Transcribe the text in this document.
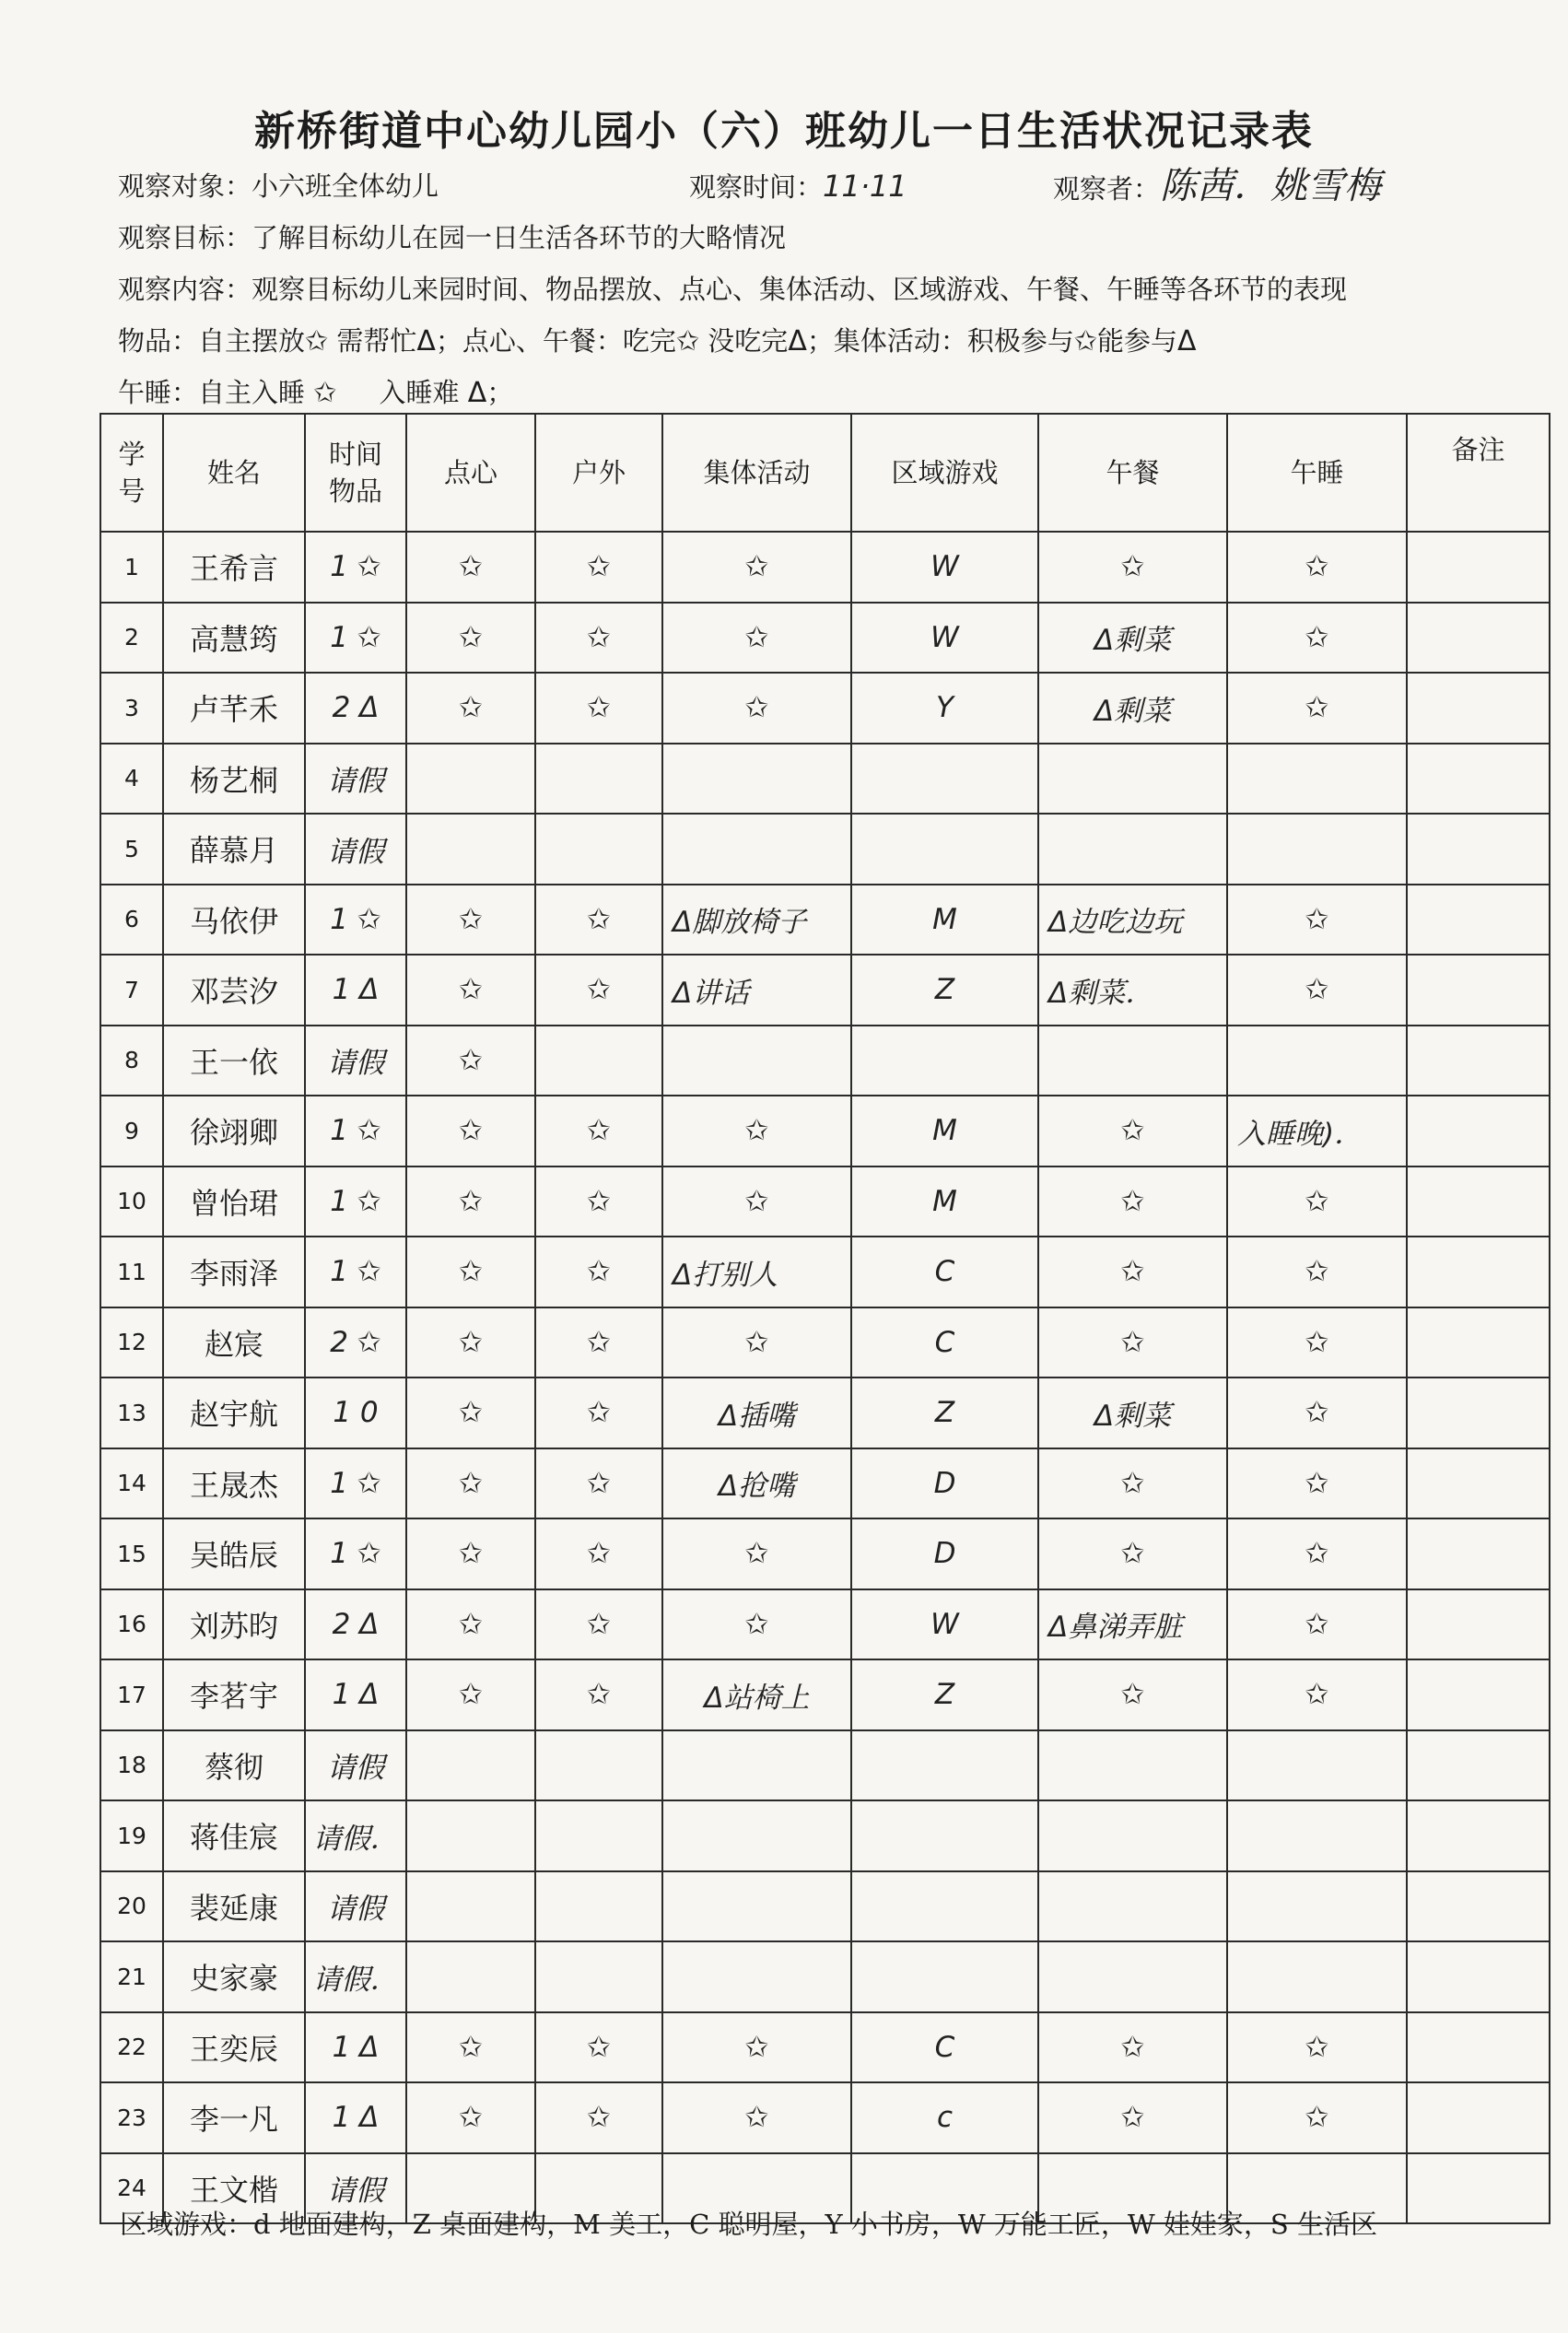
新桥街道中心幼儿园小（六）班幼儿一日生活状况记录表
观察对象：小六班全体幼儿	观察时间：11·11	观察者：陈茜．姚雪梅
观察目标：了解目标幼儿在园一日生活各环节的大略情况
观察内容：观察目标幼儿来园时间、物品摆放、点心、集体活动、区域游戏、午餐、午睡等各环节的表现
物品：自主摆放✩ 需帮忙Δ；点心、午餐：吃完✩ 没吃完Δ；集体活动：积极参与✩能参与Δ
午睡：自主入睡 ✩ 入睡难 Δ；
学号	姓名	时间物品	点心	户外	集体活动	区域游戏	午餐	午睡	备注
1	王希言	1 ✩	✩	✩	✩	W	✩	✩	
2	高慧筠	1 ✩	✩	✩	✩	W	Δ剩菜	✩	
3	卢芊禾	2 Δ	✩	✩	✩	Y	Δ剩菜	✩	
4	杨艺桐	请假							
5	薛慕月	请假							
6	马依伊	1 ✩	✩	✩	Δ脚放椅子	M	Δ边吃边玩	✩	
7	邓芸汐	1 Δ	✩	✩	Δ讲话	Z	Δ剩菜．	✩	
8	王一依	请假	✩						
9	徐翊卿	1 ✩	✩	✩	✩	M	✩	入睡晚)．	
10	曾怡珺	1 ✩	✩	✩	✩	M	✩	✩	
11	李雨泽	1 ✩	✩	✩	Δ打别人	C	✩	✩	
12	赵宸	2 ✩	✩	✩	✩	C	✩	✩	
13	赵宇航	1 0	✩	✩	Δ插嘴	Z	Δ剩菜	✩	
14	王晟杰	1 ✩	✩	✩	Δ抢嘴	D	✩	✩	
15	吴皓辰	1 ✩	✩	✩	✩	D	✩	✩	
16	刘苏昀	2 Δ	✩	✩	✩	W	Δ鼻涕弄脏	✩	
17	李茗宇	1 Δ	✩	✩	Δ站椅上	Z	✩	✩	
18	蔡彻	请假							
19	蒋佳宸	请假．							
20	裴延康	请假							
21	史家豪	请假．							
22	王奕辰	1 Δ	✩	✩	✩	C	✩	✩	
23	李一凡	1 Δ	✩	✩	✩	c	✩	✩	
24	王文楷	请假							
区域游戏：d 地面建构，Z 桌面建构，M 美工，C 聪明屋，Y 小书房，W 万能工匠，W 娃娃家，S 生活区
